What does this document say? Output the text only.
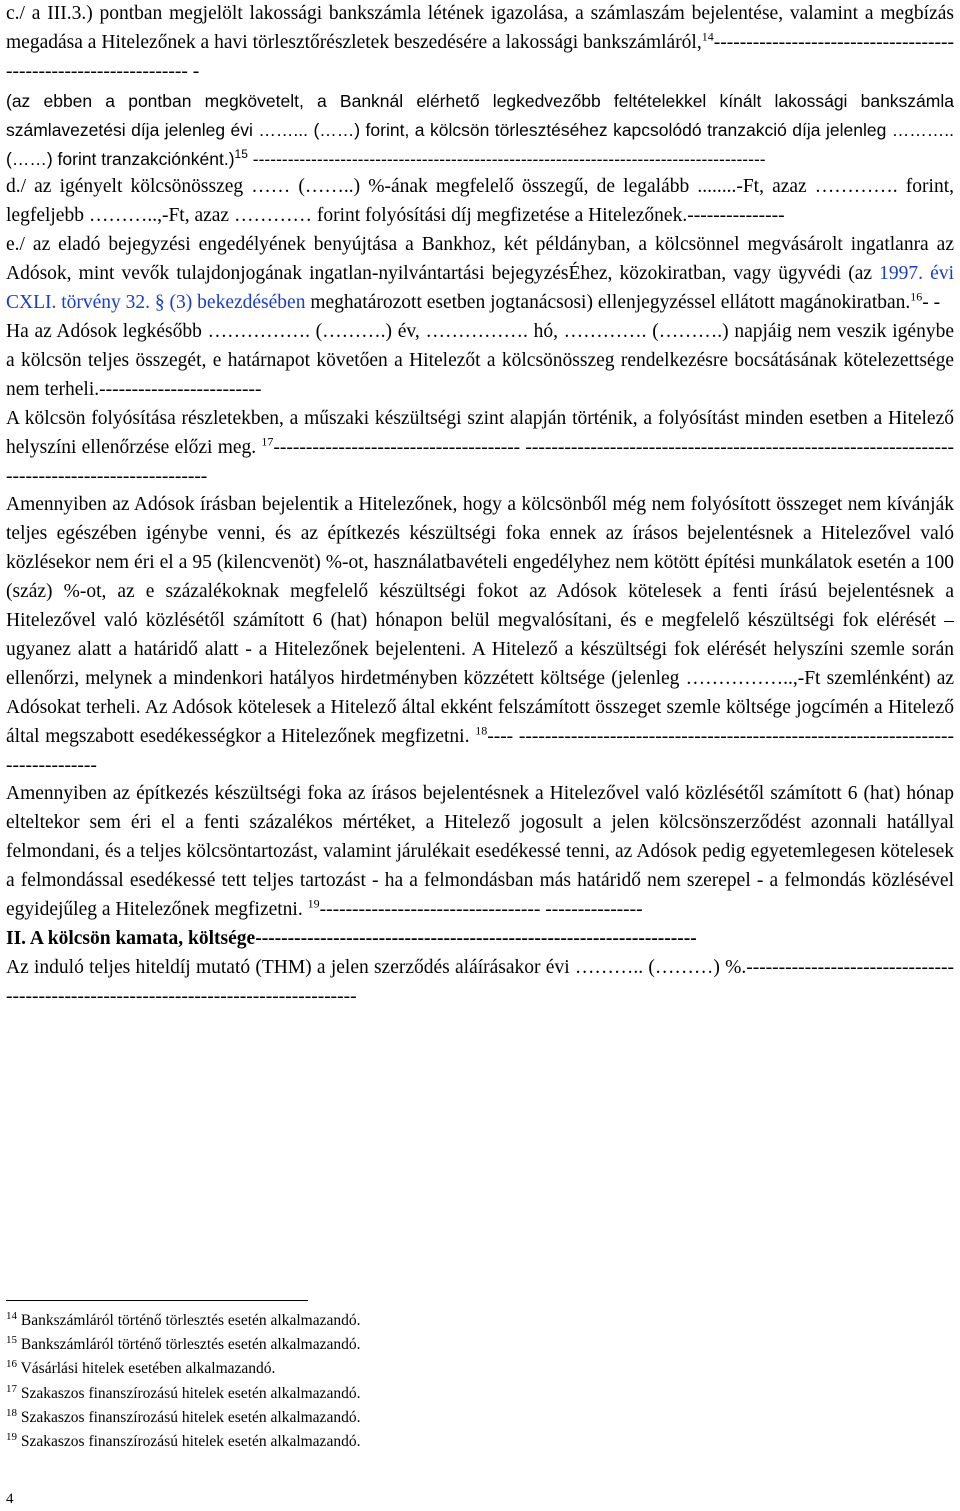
c./ a III.3.) pontban megjelölt lakossági bankszámla létének igazolása, a számlaszám bejelentése, valamint a megbízás megadása a Hitelezőnek a havi törlesztőrészletek beszedésére a lakossági bankszámláról,$^{14}$----------------------------------------------------------------- -

(az ebben a pontban megkövetelt, a Banknál elérhető legkedvezőbb feltételekkel kínált lakossági bankszámla számlavezetési díja jelenleg évi ……... (……) forint, a kölcsön törlesztéséhez kapcsolódó tranzakció díja jelenleg ……….. (……) forint tranzakciónként.)$^{15}$ ----------------------------------------------------------------------------------------

d./ az igényelt kölcsönösszeg …… (……..) %-ának megfelelő összegű, de legalább ........-Ft, azaz …………. forint, legfeljebb ………..,-Ft, azaz ………… forint folyósítási díj megfizetése a Hitelezőnek.---------------

e./ az eladó bejegyzési engedélyének benyújtása a Bankhoz, két példányban, a kölcsönnel megvásárolt ingatlanra az Adósok, mint vevők tulajdonjogának ingatlan-nyilvántartási bejegyzésÉhez, közokiratban, vagy ügyvédi (az 1997. évi CXLI. törvény 32. § (3) bekezdésében meghatározott esetben jogtanácsosi) ellenjegyzéssel ellátott magánokiratban.$^{16}$- -

Ha az Adósok legkésőbb ……………. (……….) év, ……………. hó, …………. (……….) napjáig nem veszik igénybe a kölcsön teljes összegét, e határnapot követően a Hitelezőt a kölcsönösszeg rendelkezésre bocsátásának kötelezettsége nem terheli.-------------------------

A kölcsön folyósítása részletekben, a műszaki készültségi szint alapján történik, a folyósítást minden esetben a Hitelező helyszíni ellenőrzése előzi meg. $^{17}$-------------------------------------- -------------------------------------------------------------------------------------------------

Amennyiben az Adósok írásban bejelentik a Hitelezőnek, hogy a kölcsönből még nem folyósított összeget nem kívánják teljes egészében igénybe venni, és az építkezés készültségi foka ennek az írásos bejelentésnek a Hitelezővel való közlésekor nem éri el a 95 (kilencvenöt) %-ot, használatbavételi engedélyhez nem kötött építési munkálatok esetén a 100 (száz) %-ot, az e százalékoknak megfelelő készültségi fokot az Adósok kötelesek a fenti írású bejelentésnek a Hitelezővel való közlésétől számított 6 (hat) hónapon belül megvalósítani, és e megfelelő készültségi fok elérését – ugyanez alatt a határidő alatt - a Hitelezőnek bejelenteni. A Hitelező a készültségi fok elérését helyszíni szemle során ellenőrzi, melynek a mindenkori hatályos hirdetményben közzétett költsége (jelenleg ……………..,-Ft szemlénként) az Adósokat terheli. Az Adósok kötelesek a Hitelező által ekként felszámított összeget szemle költsége jogcímén a Hitelező által megszabott esedékességkor a Hitelezőnek megfizetni. $^{18}$---- ---------------------------------------------------------------------------------

Amennyiben az építkezés készültségi foka az írásos bejelentésnek a Hitelezővel való közlésétől számított 6 (hat) hónap elteltekor sem éri el a fenti százalékos mértéket, a Hitelező jogosult a jelen kölcsönszerződést azonnali hatállyal felmondani, és a teljes kölcsöntartozást, valamint járulékait esedékessé tenni, az Adósok pedig egyetemlegesen kötelesek a felmondással esedékessé tett teljes tartozást - ha a felmondásban más határidő nem szerepel - a felmondás közlésével egyidejűleg a Hitelezőnek megfizetni. $^{19}$---------------------------------- ---------------

II. A kölcsön kamata, költsége--------------------------------------------------------------------

Az induló teljes hiteldíj mutató (THM) a jelen szerződés aláírásakor évi ……….. (………) %.--------------------------------------------------------------------------------------

$^{14}$ Bankszámláról történő törlesztés esetén alkalmazandó.

$^{15}$ Bankszámláról történő törlesztés esetén alkalmazandó.

$^{16}$ Vásárlási hitelek esetében alkalmazandó.

$^{17}$ Szakaszos finanszírozású hitelek esetén alkalmazandó.

$^{18}$ Szakaszos finanszírozású hitelek esetén alkalmazandó.

$^{19}$ Szakaszos finanszírozású hitelek esetén alkalmazandó.

4
